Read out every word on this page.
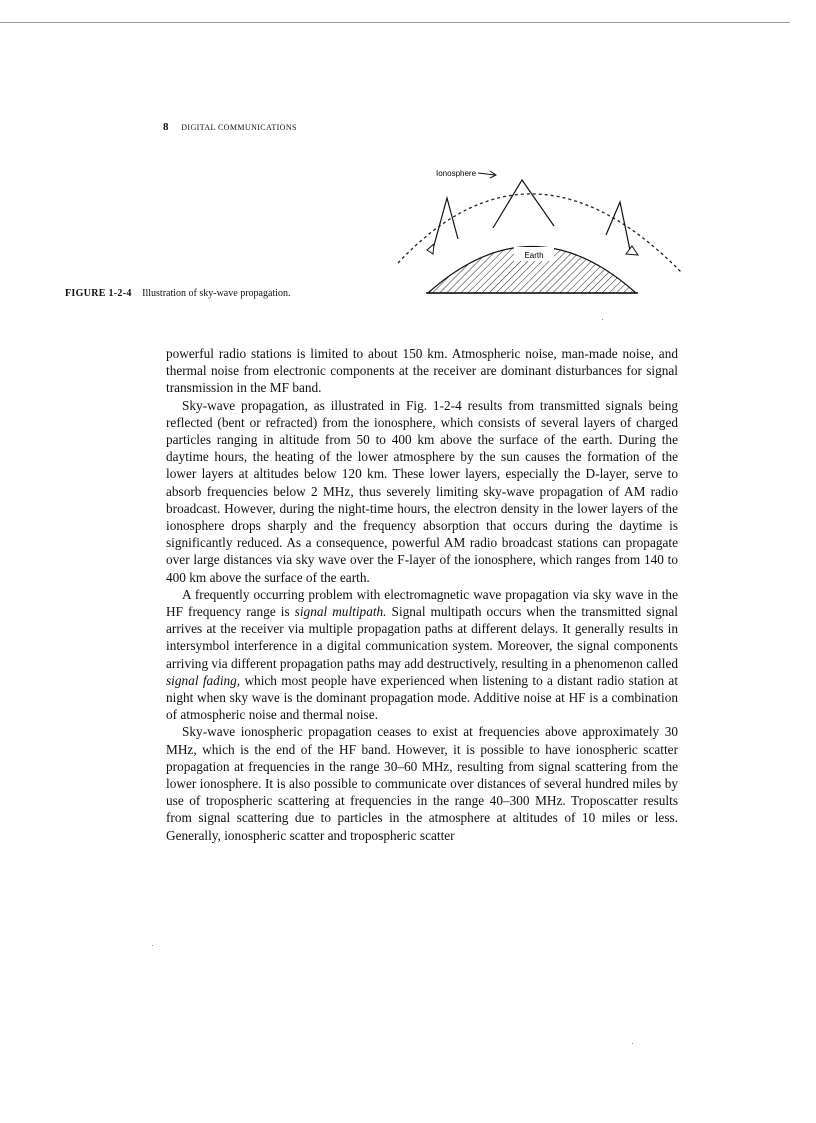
8 DIGITAL COMMUNICATIONS
Earth
Ionosphere
FIGURE 1-2-4 Illustration of sky-wave propagation.

powerful radio stations is limited to about 150 km. Atmospheric noise, man-made noise, and thermal noise from electronic components at the receiver are dominant disturbances for signal transmission in the MF band.

Sky-wave propagation, as illustrated in Fig. 1-2-4 results from transmitted signals being reflected (bent or refracted) from the ionosphere, which consists of several layers of charged particles ranging in altitude from 50 to 400 km above the surface of the earth. During the daytime hours, the heating of the lower atmosphere by the sun causes the formation of the lower layers at altitudes below 120 km. These lower layers, especially the D-layer, serve to absorb frequencies below 2 MHz, thus severely limiting sky-wave propagation of AM radio broadcast. However, during the night-time hours, the electron density in the lower layers of the ionosphere drops sharply and the frequency absorption that occurs during the daytime is significantly reduced. As a consequence, powerful AM radio broadcast stations can propagate over large distances via sky wave over the F-layer of the ionosphere, which ranges from 140 to 400 km above the surface of the earth.

A frequently occurring problem with electromagnetic wave propagation via sky wave in the HF frequency range is signal multipath. Signal multipath occurs when the transmitted signal arrives at the receiver via multiple propagation paths at different delays. It generally results in intersymbol interference in a digital communication system. Moreover, the signal components arriving via different propagation paths may add destructively, resulting in a phenomenon called signal fading, which most people have experienced when listening to a distant radio station at night when sky wave is the dominant propagation mode. Additive noise at HF is a combination of atmospheric noise and thermal noise.

Sky-wave ionospheric propagation ceases to exist at frequencies above approximately 30 MHz, which is the end of the HF band. However, it is possible to have ionospheric scatter propagation at frequencies in the range 30–60 MHz, resulting from signal scattering from the lower ionosphere. It is also possible to communicate over distances of several hundred miles by use of tropospheric scattering at frequencies in the range 40–300 MHz. Troposcatter results from signal scattering due to particles in the atmosphere at altitudes of 10 miles or less. Generally, ionospheric scatter and tropospheric scatter
